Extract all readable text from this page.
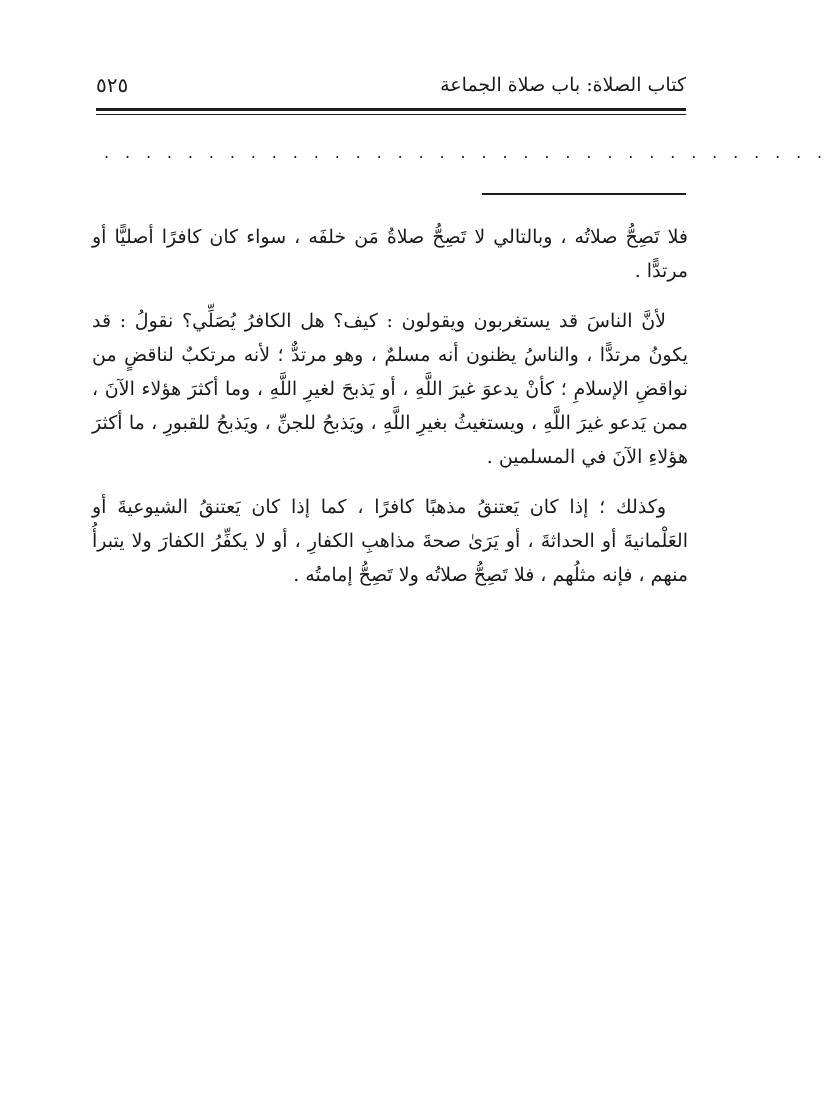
كتاب الصلاة: باب صلاة الجماعة
٥٢٥
. . . . . . . . . . . . . . . . . . . . . . . . . . . . . . . . . . .

فلا تَصِحُّ صلاتُه ، وبالتالي لا تَصِحُّ صلاةُ مَن خلفَه ، سواء كان كافرًا أصليًّا أو مرتدًّا .

لأنَّ الناسَ قد يستغربون ويقولون : كيف؟ هل الكافرُ يُصَلِّي؟ نقولُ : قد يكونُ مرتدًّا ، والناسُ يظنون أنه مسلمٌ ، وهو مرتدٌّ ؛ لأنه مرتكبٌ لناقضٍ من نواقضِ الإسلامِ ؛ كأنْ يدعوَ غيرَ اللَّهِ ، أو يَذبحَ لغيرِ اللَّهِ ، وما أكثرَ هؤلاء الآنَ ، ممن يَدعو غيرَ اللَّهِ ، ويستغيثُ بغيرِ اللَّهِ ، ويَذبحُ للجنِّ ، ويَذبحُ للقبورِ ، ما أكثرَ هؤلاءِ الآنَ في المسلمين .

وكذلك ؛ إذا كان يَعتنقُ مذهبًا كافرًا ، كما إذا كان يَعتنقُ الشيوعيةَ أو العَلْمانيةَ أو الحداثةَ ، أو يَرَىٰ صحةَ مذاهبِ الكفارِ ، أو لا يكفِّرُ الكفارَ ولا يتبرأُ منهم ، فإنه مثلُهم ، فلا تَصِحُّ صلاتُه ولا تَصِحُّ إمامتُه .
